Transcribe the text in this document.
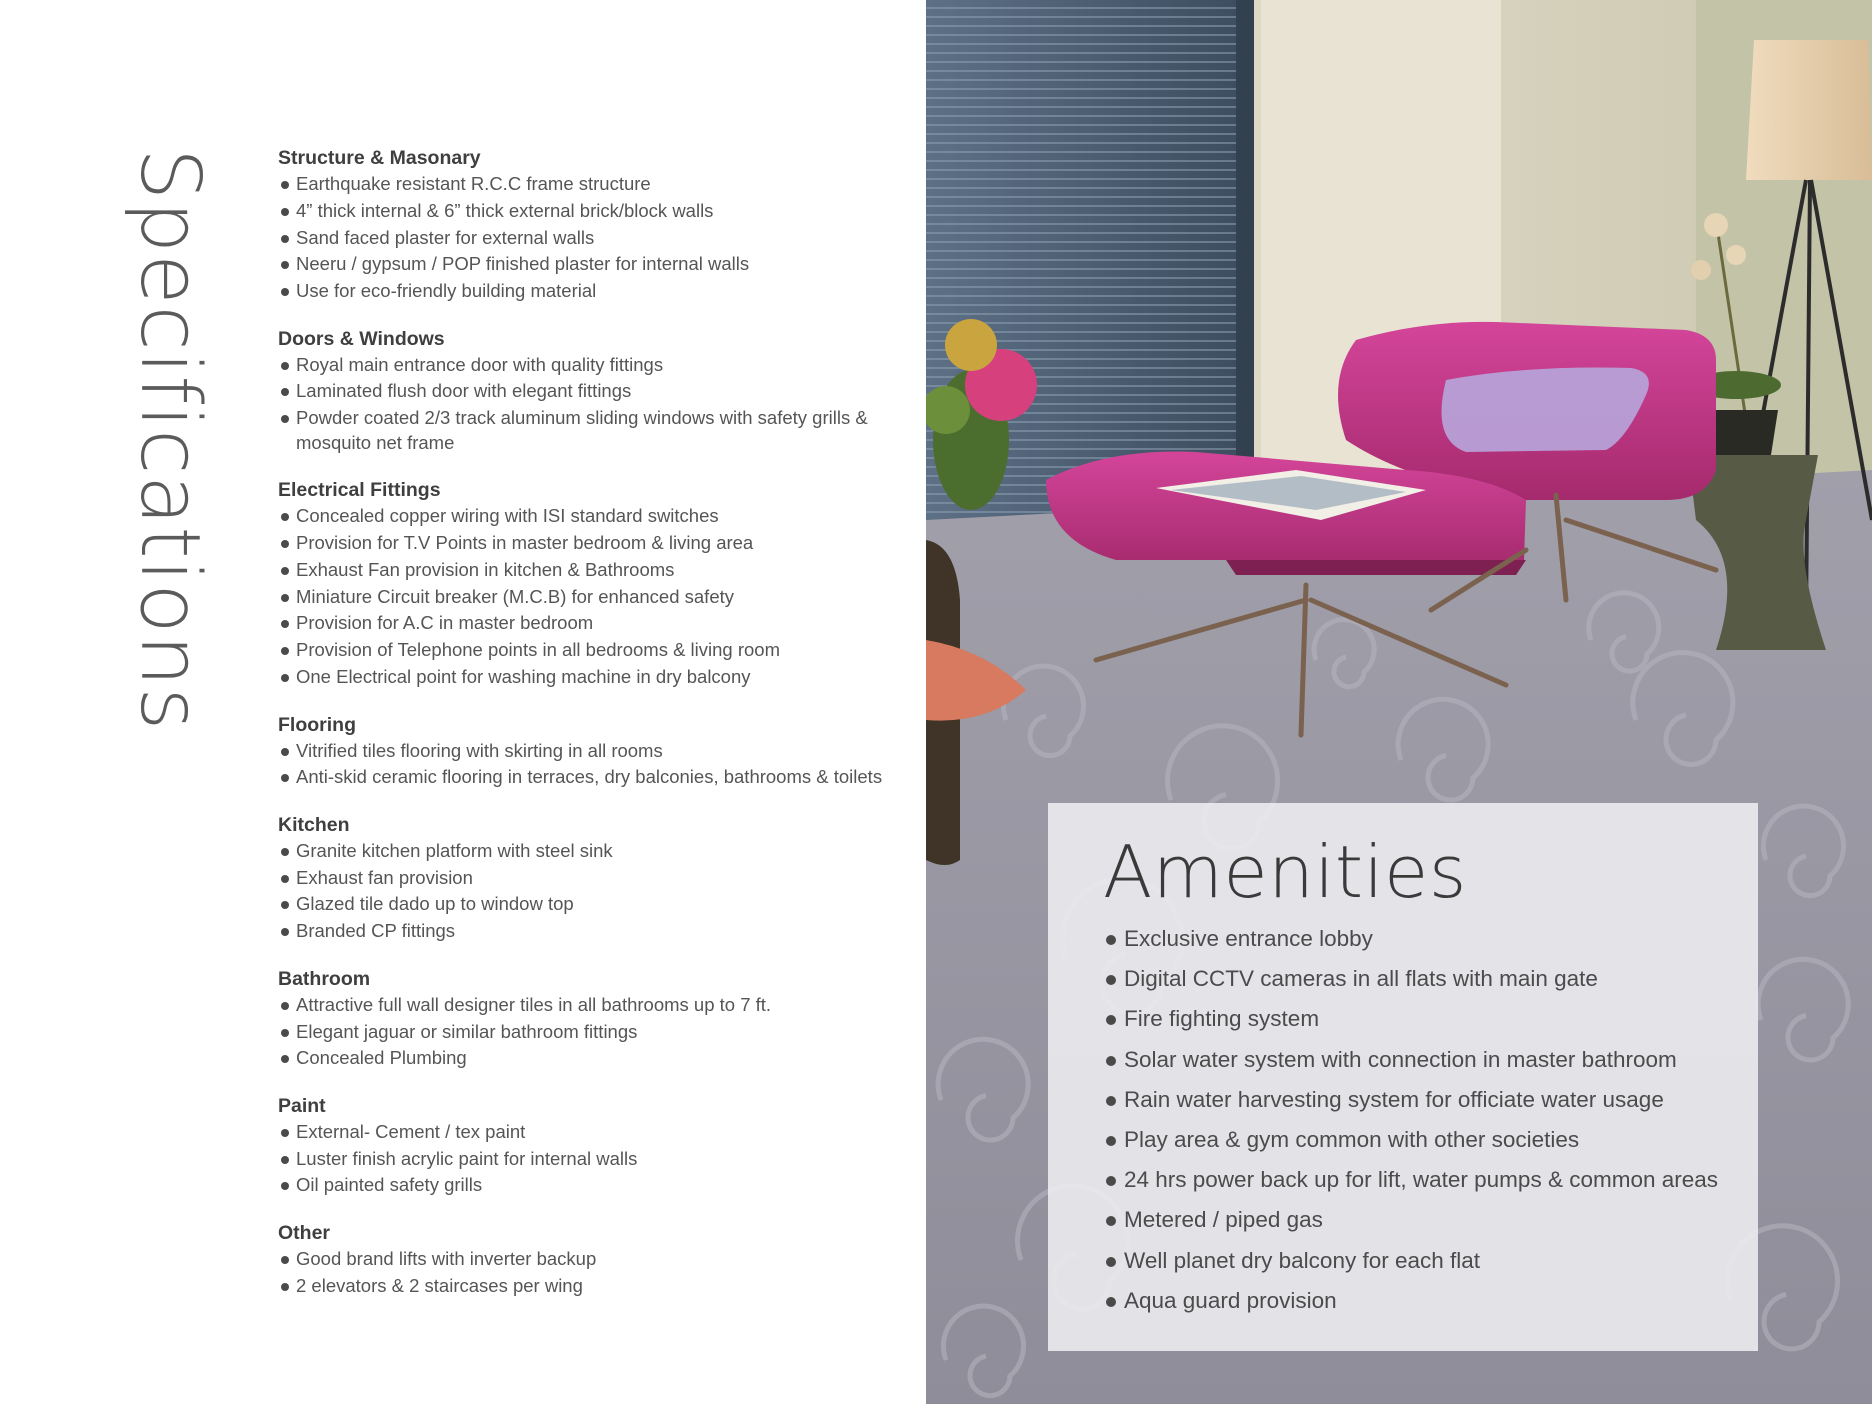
Specifications	Structure & Masonary
Earthquake resistant R.C.C frame structure
4” thick internal & 6” thick external brick/block walls
Sand faced plaster for external walls
Neeru / gypsum / POP finished plaster for internal walls
Use for eco-friendly building material
Doors & Windows
Royal main entrance door with quality fittings
Laminated flush door with elegant fittings
Powder coated 2/3 track aluminum sliding windows with safety grills & mosquito net frame
Electrical Fittings
Concealed copper wiring with ISI standard switches
Provision for T.V Points in master bedroom & living area
Exhaust Fan provision in kitchen & Bathrooms
Miniature Circuit breaker (M.C.B) for enhanced safety
Provision for A.C in master bedroom
Provision of Telephone points in all bedrooms & living room
One Electrical point for washing machine in dry balcony
Flooring
Vitrified tiles flooring with skirting in all rooms
Anti-skid ceramic flooring in terraces, dry balconies, bathrooms & toilets
Kitchen
Granite kitchen platform with steel sink
Exhaust fan provision
Glazed tile dado up to window top
Branded CP fittings
Bathroom
Attractive full wall designer tiles in all bathrooms up to 7 ft.
Elegant jaguar or similar bathroom fittings
Concealed Plumbing
Paint
External- Cement / tex paint
Luster finish acrylic paint for internal walls
Oil painted safety grills
Other
Good brand lifts with inverter backup
2 elevators & 2 staircases per wing
Amenities
Exclusive entrance lobby
Digital CCTV cameras in all flats with main gate
Fire fighting system
Solar water system with connection in master bathroom
Rain water harvesting system for officiate water usage
Play area & gym common with other societies
24 hrs power back up for lift, water pumps & common areas
Metered / piped gas
Well planet dry balcony for each flat
Aqua guard provision
